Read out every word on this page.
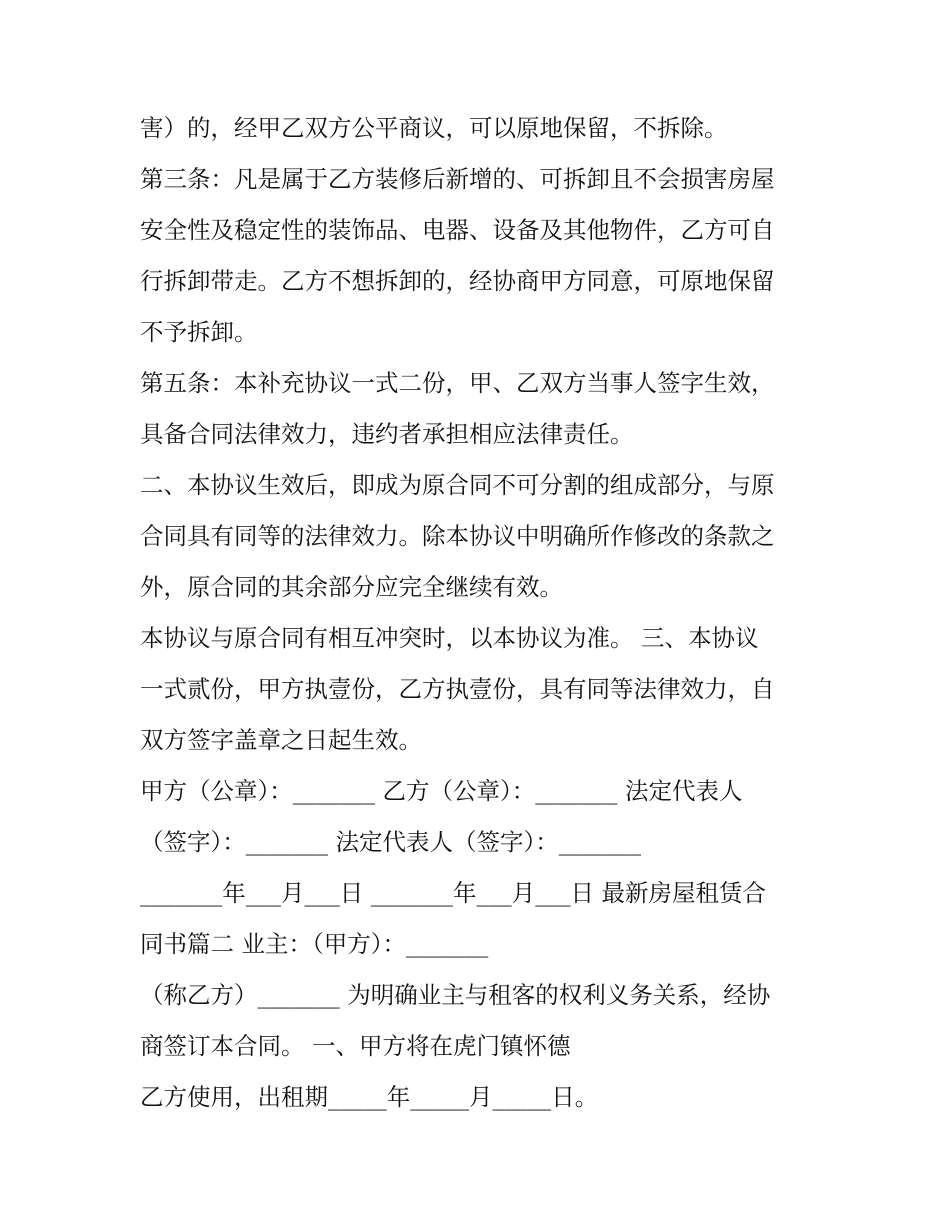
害）的，经甲乙双方公平商议，可以原地保留，不拆除。
第三条：凡是属于乙方装修后新增的、可拆卸且不会损害房屋
安全性及稳定性的装饰品、电器、设备及其他物件，乙方可自
行拆卸带走。乙方不想拆卸的，经协商甲方同意，可原地保留
不予拆卸。
第五条：本补充协议一式二份，甲、乙双方当事人签字生效，
具备合同法律效力，违约者承担相应法律责任。
二、本协议生效后，即成为原合同不可分割的组成部分，与原
合同具有同等的法律效力。除本协议中明确所作修改的条款之
外，原合同的其余部分应完全继续有效。
本协议与原合同有相互冲突时，以本协议为准。 三、本协议
一式贰份，甲方执壹份，乙方执壹份，具有同等法律效力，自
双方签字盖章之日起生效。
甲方（公章）：_______ 乙方（公章）：_______ 法定代表人
（签字）：_______ 法定代表人（签字）：_______
_______年___月___日 _______年___月___日 最新房屋租赁合
同书篇二 业主：（甲方）：_______
（称乙方）_______ 为明确业主与租客的权利义务关系，经协
商签订本合同。 一、甲方将在虎门镇怀德
乙方使用，出租期_____年_____月_____日。
